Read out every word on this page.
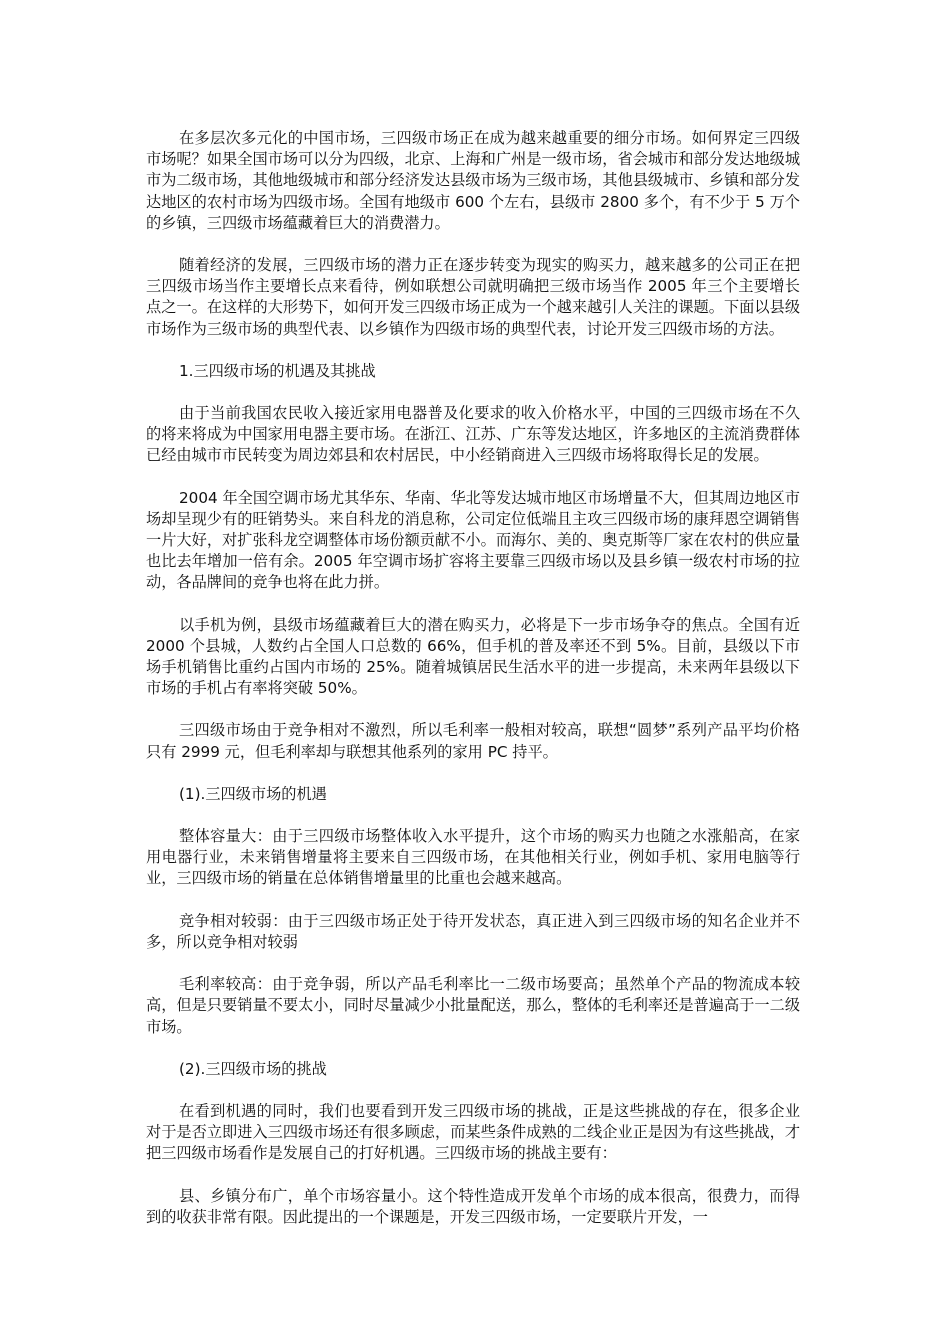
在多层次多元化的中国市场，三四级市场正在成为越来越重要的细分市场。如何界定三四级市场呢？如果全国市场可以分为四级，北京、上海和广州是一级市场，省会城市和部分发达地级城市为二级市场，其他地级城市和部分经济发达县级市场为三级市场，其他县级城市、乡镇和部分发达地区的农村市场为四级市场。全国有地级市 600 个左右，县级市 2800 多个，有不少于 5 万个的乡镇，三四级市场蕴藏着巨大的消费潜力。

随着经济的发展，三四级市场的潜力正在逐步转变为现实的购买力，越来越多的公司正在把三四级市场当作主要增长点来看待，例如联想公司就明确把三级市场当作 2005 年三个主要增长点之一。在这样的大形势下，如何开发三四级市场正成为一个越来越引人关注的课题。下面以县级市场作为三级市场的典型代表、以乡镇作为四级市场的典型代表，讨论开发三四级市场的方法。

1.三四级市场的机遇及其挑战

由于当前我国农民收入接近家用电器普及化要求的收入价格水平，中国的三四级市场在不久的将来将成为中国家用电器主要市场。在浙江、江苏、广东等发达地区，许多地区的主流消费群体已经由城市市民转变为周边郊县和农村居民，中小经销商进入三四级市场将取得长足的发展。

2004 年全国空调市场尤其华东、华南、华北等发达城市地区市场增量不大，但其周边地区市场却呈现少有的旺销势头。来自科龙的消息称，公司定位低端且主攻三四级市场的康拜恩空调销售一片大好，对扩张科龙空调整体市场份额贡献不小。而海尔、美的、奥克斯等厂家在农村的供应量也比去年增加一倍有余。2005 年空调市场扩容将主要靠三四级市场以及县乡镇一级农村市场的拉动，各品牌间的竞争也将在此力拼。

以手机为例，县级市场蕴藏着巨大的潜在购买力，必将是下一步市场争夺的焦点。全国有近 2000 个县城，人数约占全国人口总数的 66%，但手机的普及率还不到 5%。目前，县级以下市场手机销售比重约占国内市场的 25%。随着城镇居民生活水平的进一步提高，未来两年县级以下市场的手机占有率将突破 50%。

三四级市场由于竞争相对不激烈，所以毛利率一般相对较高，联想“圆梦”系列产品平均价格只有 2999 元，但毛利率却与联想其他系列的家用 PC 持平。

(1).三四级市场的机遇

整体容量大：由于三四级市场整体收入水平提升，这个市场的购买力也随之水涨船高，在家用电器行业，未来销售增量将主要来自三四级市场，在其他相关行业，例如手机、家用电脑等行业，三四级市场的销量在总体销售增量里的比重也会越来越高。

竞争相对较弱：由于三四级市场正处于待开发状态，真正进入到三四级市场的知名企业并不多，所以竞争相对较弱

毛利率较高：由于竞争弱，所以产品毛利率比一二级市场要高；虽然单个产品的物流成本较高，但是只要销量不要太小，同时尽量减少小批量配送，那么，整体的毛利率还是普遍高于一二级市场。

(2).三四级市场的挑战

在看到机遇的同时，我们也要看到开发三四级市场的挑战，正是这些挑战的存在，很多企业对于是否立即进入三四级市场还有很多顾虑，而某些条件成熟的二线企业正是因为有这些挑战，才把三四级市场看作是发展自己的打好机遇。三四级市场的挑战主要有：

县、乡镇分布广，单个市场容量小。这个特性造成开发单个市场的成本很高，很费力，而得到的收获非常有限。因此提出的一个课题是，开发三四级市场，一定要联片开发，一
